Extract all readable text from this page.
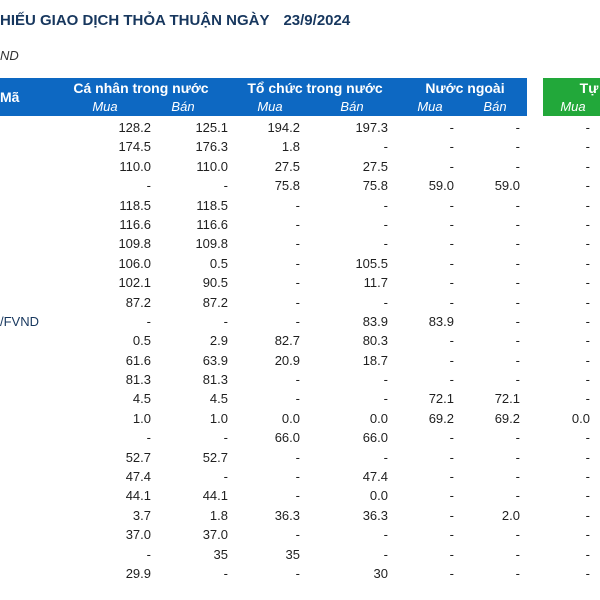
HIẾU GIAO DỊCH THỎA THUẬN NGÀY 23/9/2024
ND
Mã
Cá nhân trong nước
Mua	Bán
Tổ chức trong nước
Mua	Bán
Nước ngoài
Mua	Bán
Tự
Mua
128.2	125.1	194.2	197.3	-	-	-
174.5	176.3	1.8	-	-	-	-
110.0	110.0	27.5	27.5	-	-	-
-	-	75.8	75.8	59.0	59.0	-
118.5	118.5	-	-	-	-	-
116.6	116.6	-	-	-	-	-
109.8	109.8	-	-	-	-	-
106.0	0.5	-	105.5	-	-	-
102.1	90.5	-	11.7	-	-	-
87.2	87.2	-	-	-	-	-
/FVND	-	-	-	83.9	83.9	-	-
0.5	2.9	82.7	80.3	-	-	-
61.6	63.9	20.9	18.7	-	-	-
81.3	81.3	-	-	-	-	-
4.5	4.5	-	-	72.1	72.1	-
1.0	1.0	0.0	0.0	69.2	69.2	0.0
-	-	66.0	66.0	-	-	-
52.7	52.7	-	-	-	-	-
47.4	-	-	47.4	-	-	-
44.1	44.1	-	0.0	-	-	-
3.7	1.8	36.3	36.3	-	2.0	-
37.0	37.0	-	-	-	-	-
-	35	35	-	-	-	-
29.9	-	-	30	-	-	-
